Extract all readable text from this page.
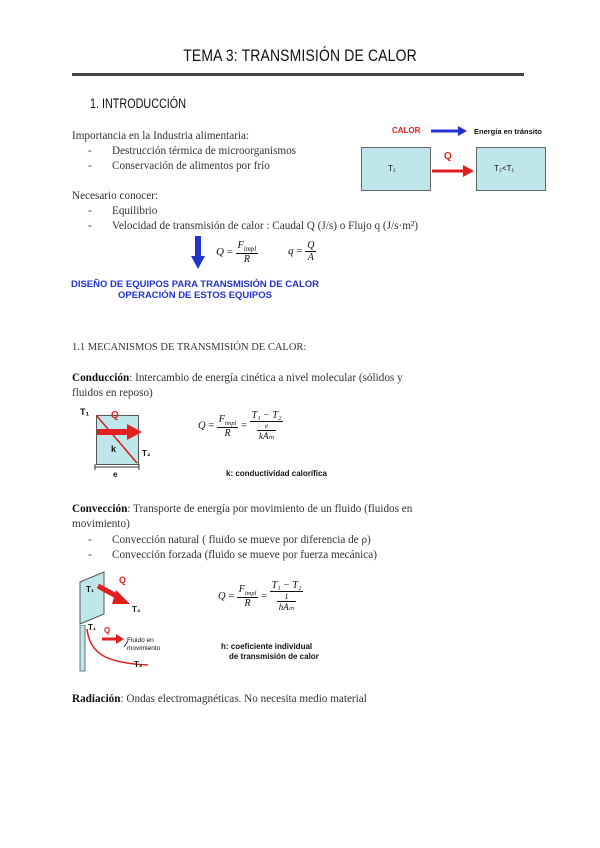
TEMA 3: TRANSMISIÓN DE CALOR
1. INTRODUCCIÓN
Importancia en la Industria alimentaria:
- Destrucción térmica de microorganismos
- Conservación de alimentos por frío
Necesario conocer:
- Equilibrio
- Velocidad de transmisión de calor : Caudal Q (J/s) o Flujo q (J/s·m²)
CALOR	Energía en tránsito
T₁
Q
T₂<T₁
$Q = \frac{F_{impl}}{R}$	$q = \frac{Q}{A}$
DISEÑO DE EQUIPOS PARA TRANSMISIÓN DE CALOR
OPERACIÓN DE ESTOS EQUIPOS
1.1 MECANISMOS DE TRANSMISIÓN DE CALOR:
Conducción: Intercambio de energía cinética a nivel molecular (sólidos y fluidos en reposo)
T₁ Q
k	T₂
e
$Q = \frac{F_{impl}}{R} = \frac{\text{T₁ − T₂}}{\frac{e}{\text{kAₘ}}}$
k: conductividad calorífica
Convección: Transporte de energía por movimiento de un fluido (fluidos en movimiento)
- Convección natural ( fluido se mueve por diferencia de ρ)
- Convección forzada (fluido se mueve por fuerza mecánica)
T₁
Q
T₂
T₁ Q
Fluido en movimiento
T₂
$Q = \frac{F_{impl}}{R} = \frac{\text{T₁ − T₂}}{\frac{1}{\text{hAₘ}}}$
h: coeficiente individual
de transmisión de calor
Radiación: Ondas electromagnéticas. No necesita medio material
